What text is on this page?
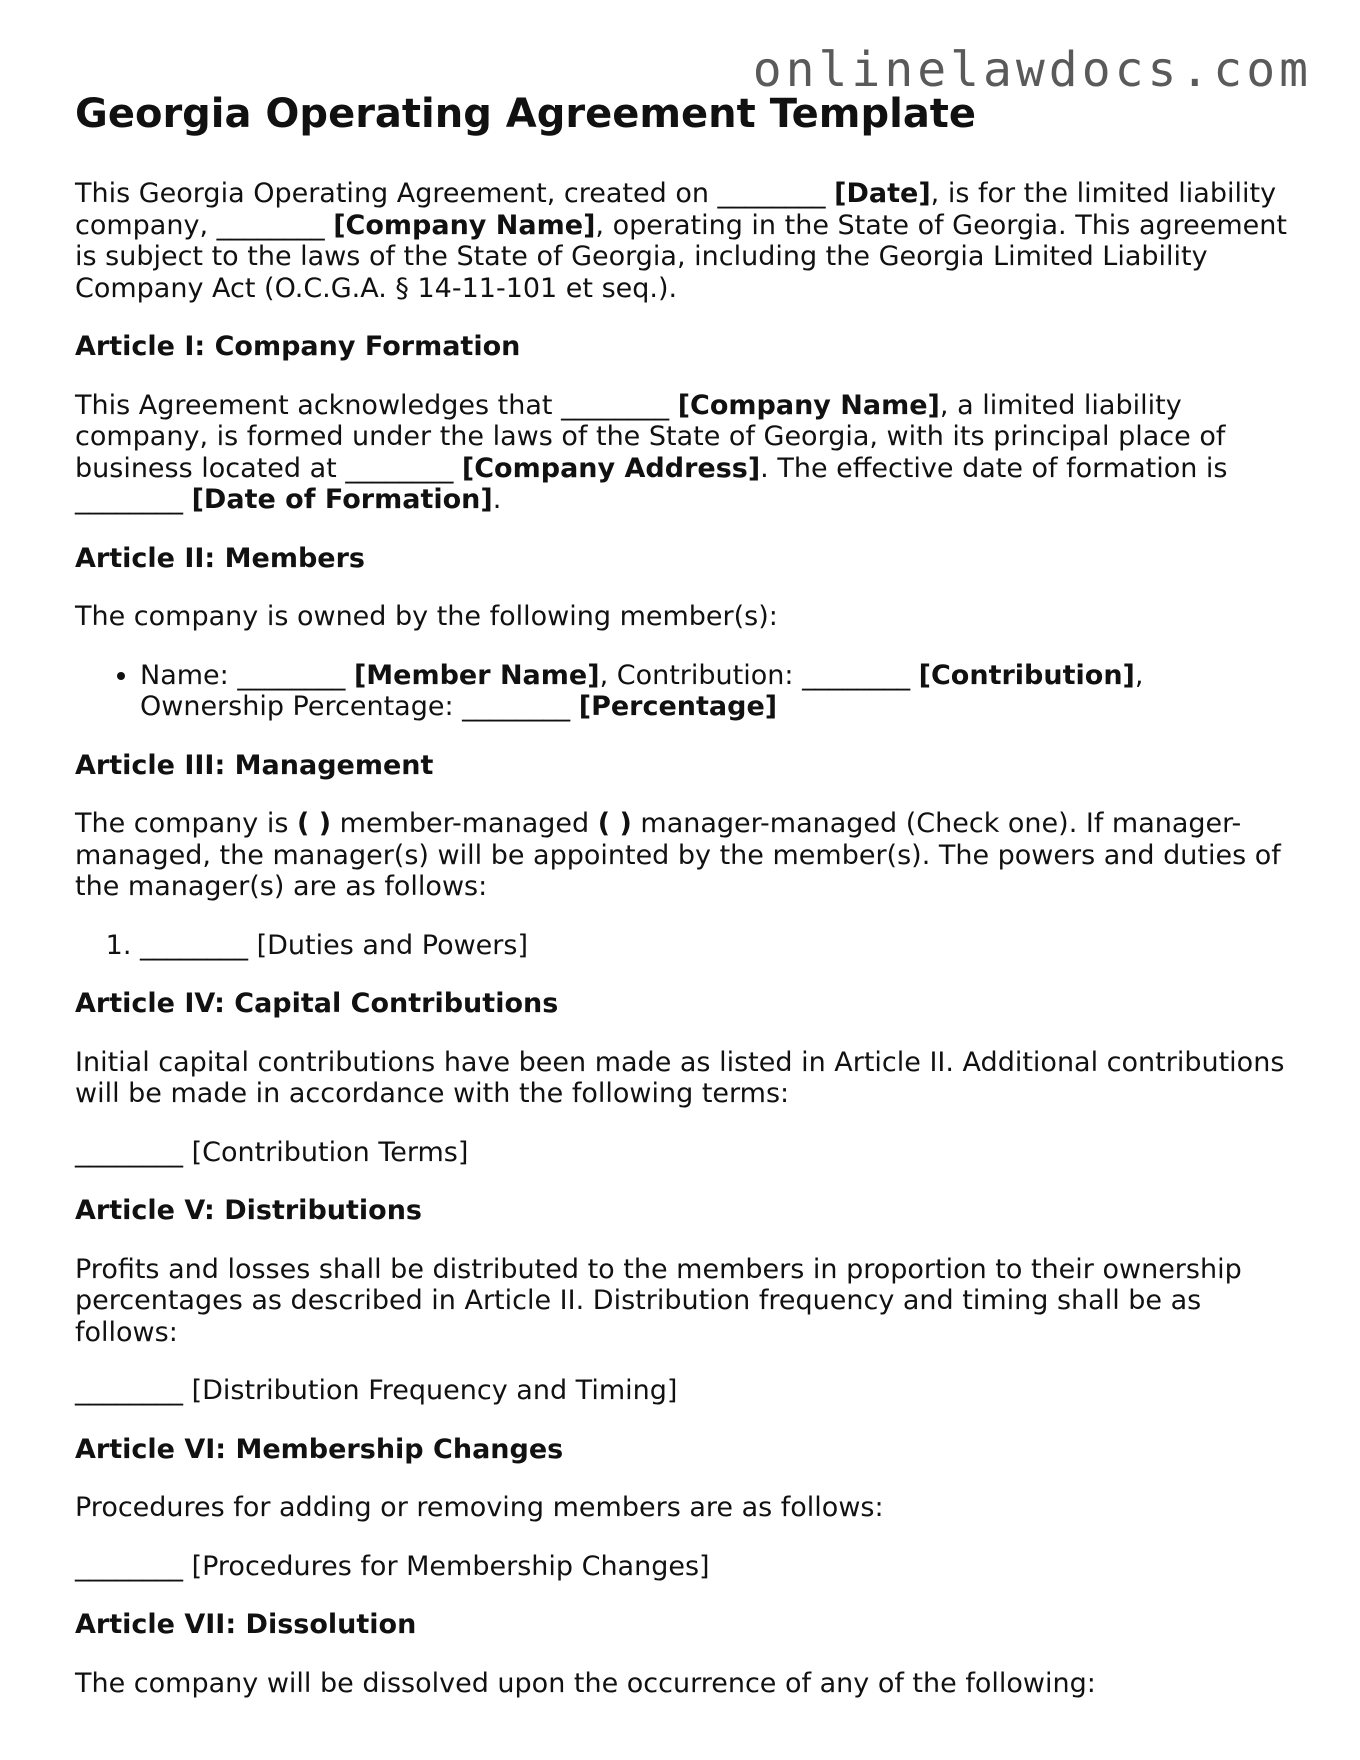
onlinelawdocs.com
Georgia Operating Agreement Template

This Georgia Operating Agreement, created on ________ [Date], is for the limited liability company, ________ [Company Name], operating in the State of Georgia. This agreement is subject to the laws of the State of Georgia, including the Georgia Limited Liability Company Act (O.C.G.A. § 14-11-101 et seq.).

Article I: Company Formation

This Agreement acknowledges that ________ [Company Name], a limited liability company, is formed under the laws of the State of Georgia, with its principal place of business located at ________ [Company Address]. The effective date of formation is ________ [Date of Formation].

Article II: Members

The company is owned by the following member(s):

• Name: ________ [Member Name], Contribution: ________ [Contribution], Ownership Percentage: ________ [Percentage]
Article III: Management

The company is ( ) member-managed ( ) manager-managed (Check one). If manager-managed, the manager(s) will be appointed by the member(s). The powers and duties of the manager(s) are as follows:

1. ________ [Duties and Powers]
Article IV: Capital Contributions

Initial capital contributions have been made as listed in Article II. Additional contributions will be made in accordance with the following terms:

________ [Contribution Terms]

Article V: Distributions

Profits and losses shall be distributed to the members in proportion to their ownership percentages as described in Article II. Distribution frequency and timing shall be as follows:

________ [Distribution Frequency and Timing]

Article VI: Membership Changes

Procedures for adding or removing members are as follows:

________ [Procedures for Membership Changes]

Article VII: Dissolution

The company will be dissolved upon the occurrence of any of the following:
